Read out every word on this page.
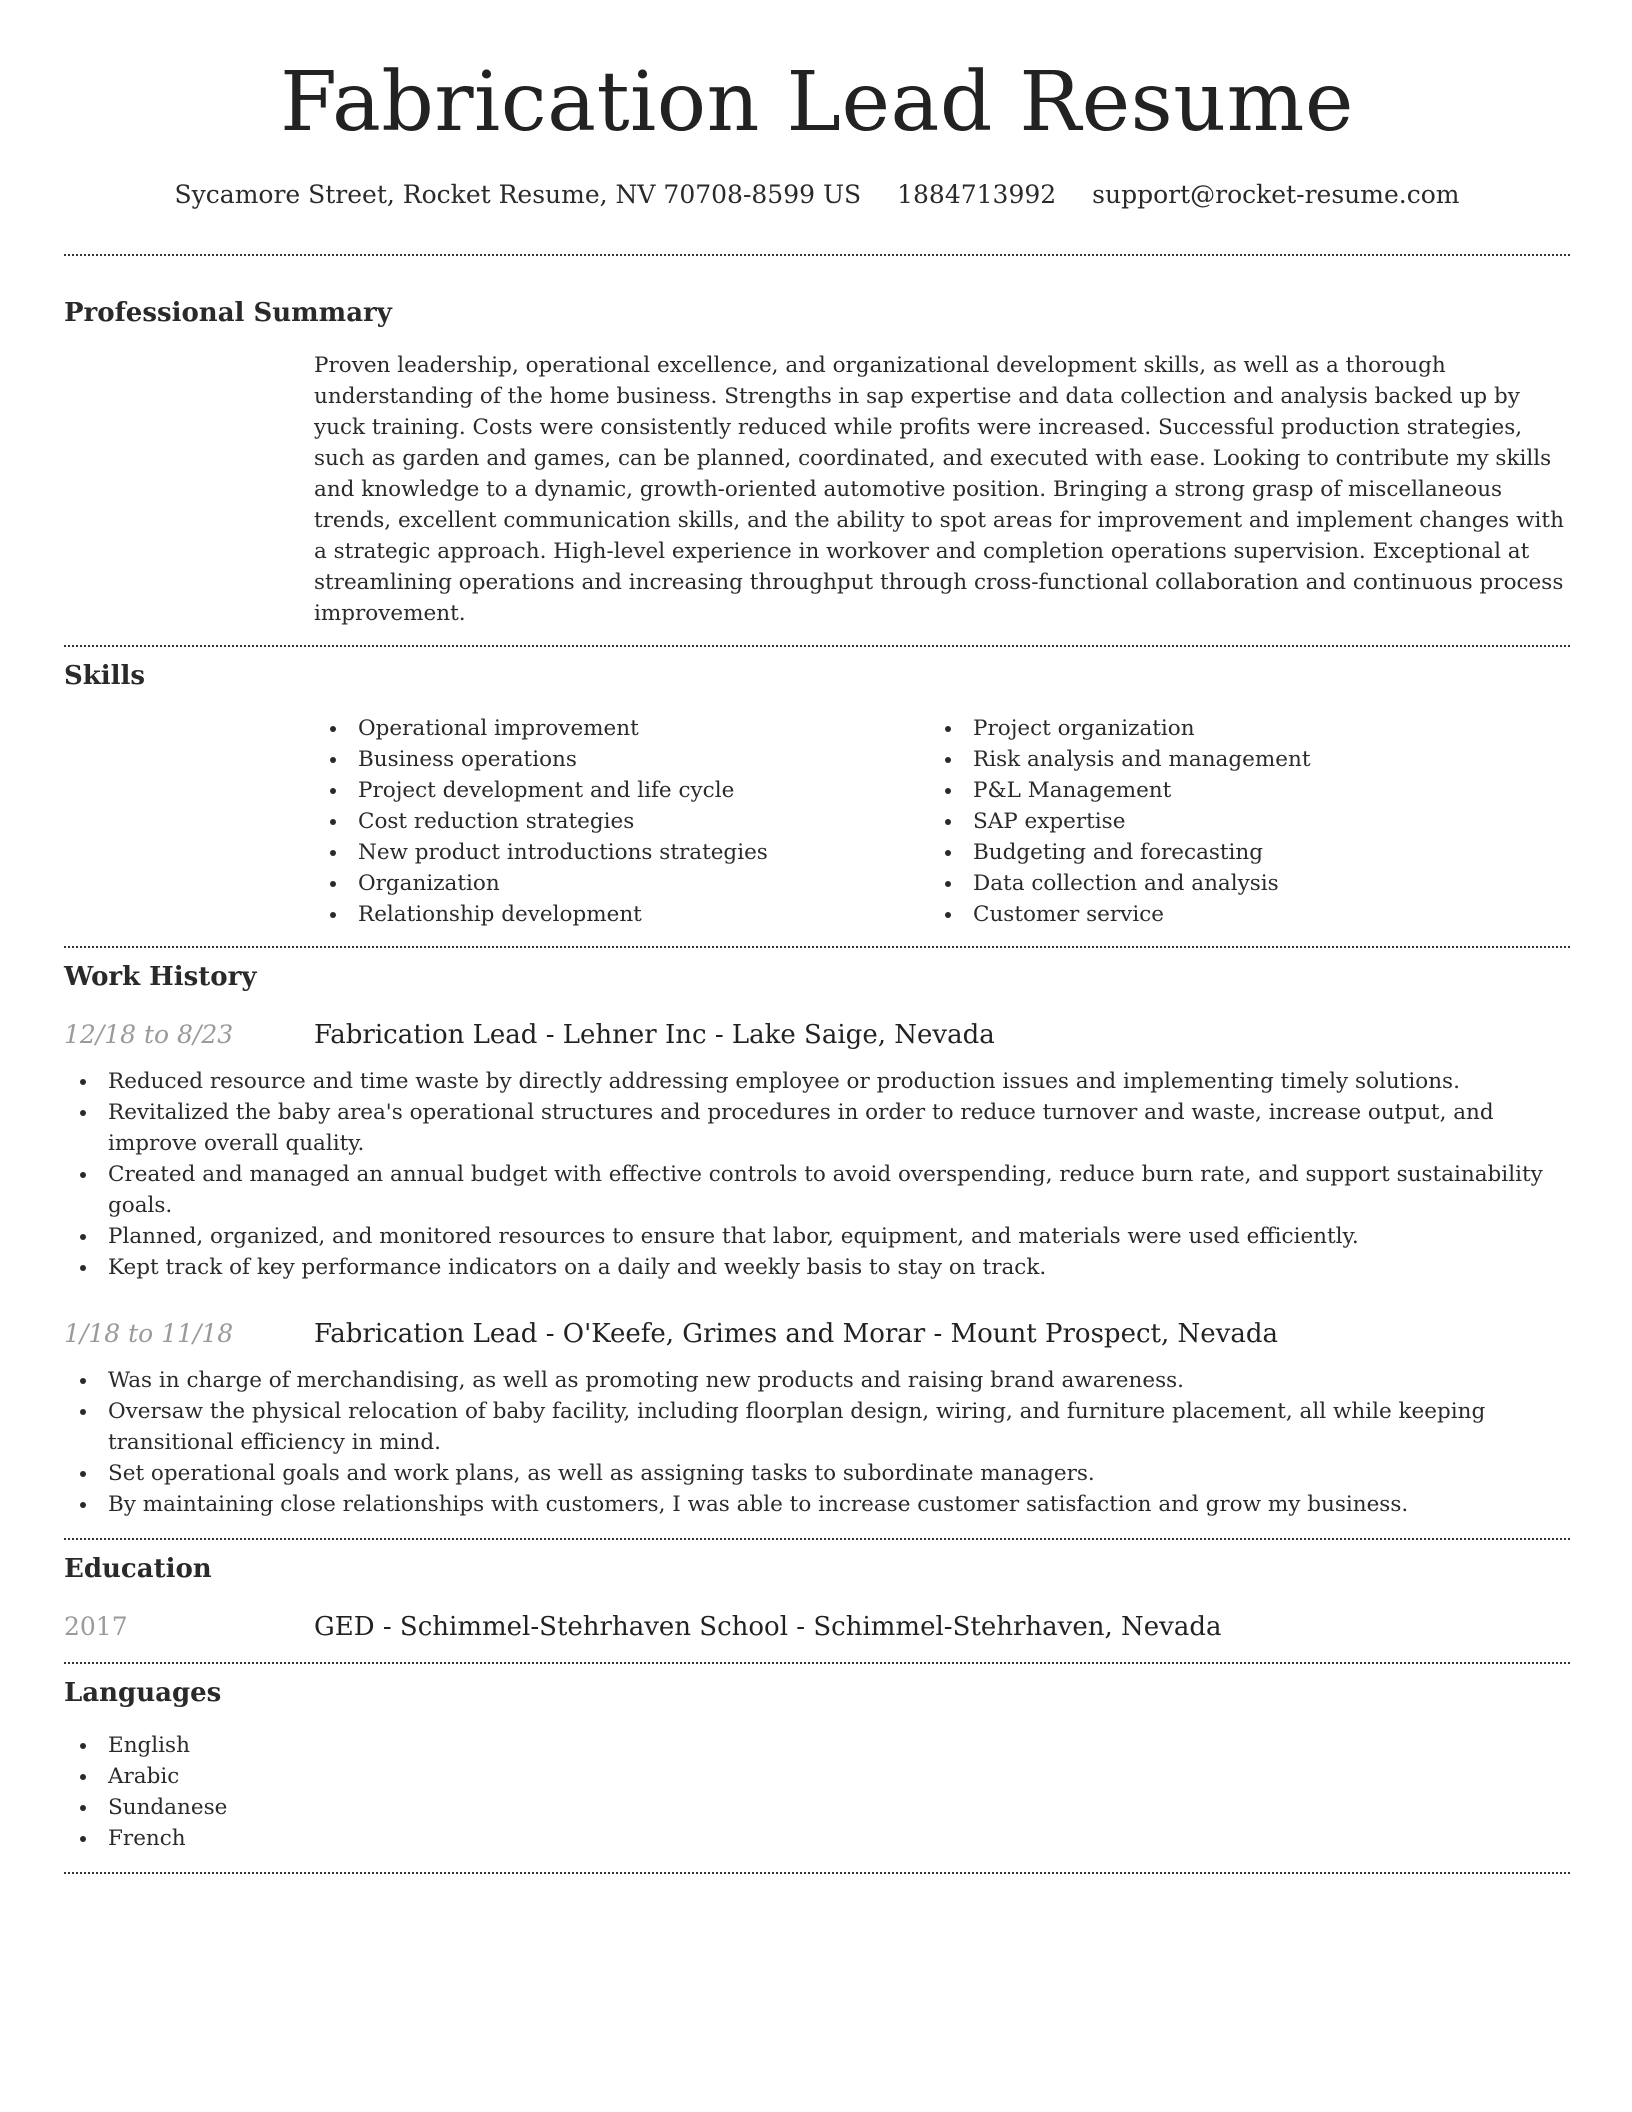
Fabrication Lead Resume
Sycamore Street, Rocket Resume, NV 70708-8599 US 1884713992 support@rocket-resume.com
Professional Summary

Proven leadership, operational excellence, and organizational development skills, as well as a thorough understanding of the home business. Strengths in sap expertise and data collection and analysis backed up by yuck training. Costs were consistently reduced while profits were increased. Successful production strategies, such as garden and games, can be planned, coordinated, and executed with ease. Looking to contribute my skills and knowledge to a dynamic, growth-oriented automotive position. Bringing a strong grasp of miscellaneous trends, excellent communication skills, and the ability to spot areas for improvement and implement changes with a strategic approach. High-level experience in workover and completion operations supervision. Exceptional at streamlining operations and increasing throughput through cross-functional collaboration and continuous process improvement.

Skills
Operational improvement
Business operations
Project development and life cycle
Cost reduction strategies
New product introductions strategies
Organization
Relationship development
Project organization
Risk analysis and management
P&L Management
SAP expertise
Budgeting and forecasting
Data collection and analysis
Customer service
Work History
12/18 to 8/23	Fabrication Lead - Lehner Inc - Lake Saige, Nevada
Reduced resource and time waste by directly addressing employee or production issues and implementing timely solutions.
Revitalized the baby area's operational structures and procedures in order to reduce turnover and waste, increase output, and improve overall quality.
Created and managed an annual budget with effective controls to avoid overspending, reduce burn rate, and support sustainability goals.
Planned, organized, and monitored resources to ensure that labor, equipment, and materials were used efficiently.
Kept track of key performance indicators on a daily and weekly basis to stay on track.
1/18 to 11/18	Fabrication Lead - O'Keefe, Grimes and Morar - Mount Prospect, Nevada
Was in charge of merchandising, as well as promoting new products and raising brand awareness.
Oversaw the physical relocation of baby facility, including floorplan design, wiring, and furniture placement, all while keeping transitional efficiency in mind.
Set operational goals and work plans, as well as assigning tasks to subordinate managers.
By maintaining close relationships with customers, I was able to increase customer satisfaction and grow my business.
Education
2017	GED - Schimmel-Stehrhaven School - Schimmel-Stehrhaven, Nevada
Languages
English
Arabic
Sundanese
French
